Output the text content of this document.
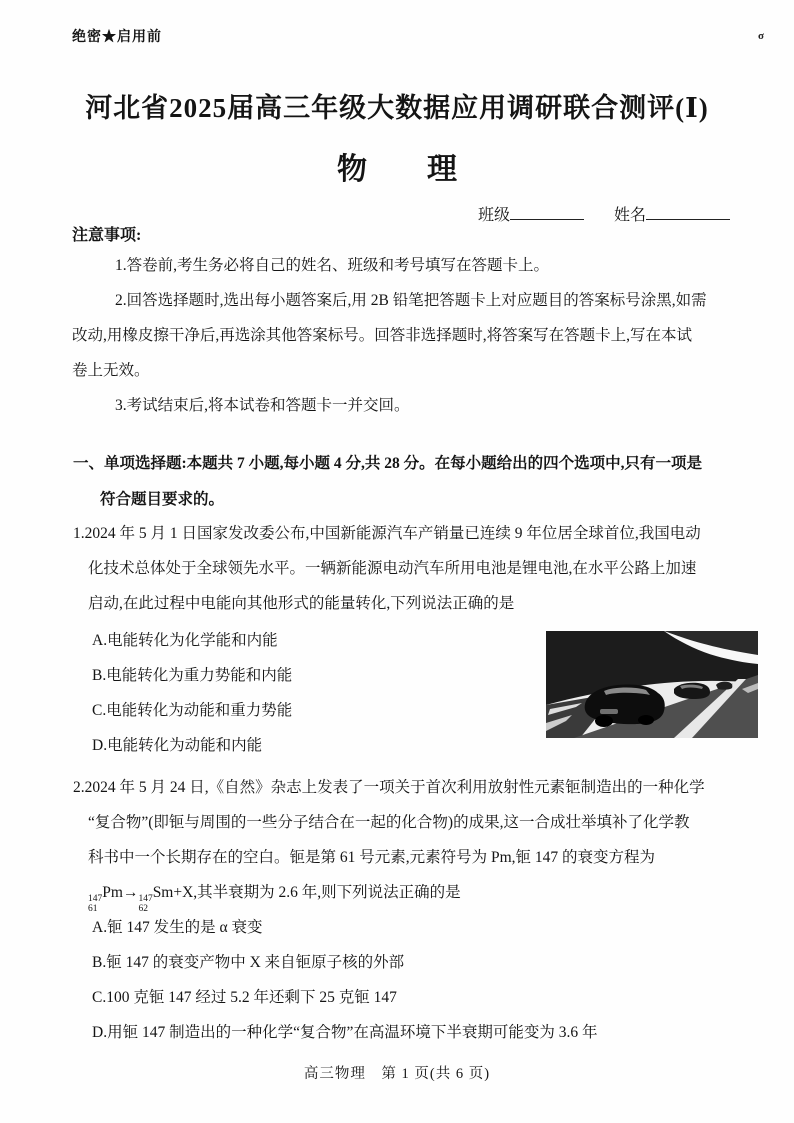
绝密★启用前	σ
河北省2025届高三年级大数据应用调研联合测评(Ⅰ)
物　　理
班级	姓名
注意事项:
1.答卷前,考生务必将自己的姓名、班级和考号填写在答题卡上。
2.回答选择题时,选出每小题答案后,用 2B 铅笔把答题卡上对应题目的答案标号涂黑,如需
改动,用橡皮擦干净后,再选涂其他答案标号。回答非选择题时,将答案写在答题卡上,写在本试
卷上无效。
3.考试结束后,将本试卷和答题卡一并交回。
一、单项选择题:本题共 7 小题,每小题 4 分,共 28 分。在每小题给出的四个选项中,只有一项是
符合题目要求的。
1.2024 年 5 月 1 日国家发改委公布,中国新能源汽车产销量已连续 9 年位居全球首位,我国电动
化技术总体处于全球领先水平。一辆新能源电动汽车所用电池是锂电池,在水平公路上加速
启动,在此过程中电能向其他形式的能量转化,下列说法正确的是
A.电能转化为化学能和内能
B.电能转化为重力势能和内能
C.电能转化为动能和重力势能
D.电能转化为动能和内能
2.2024 年 5 月 24 日,《自然》杂志上发表了一项关于首次利用放射性元素钷制造出的一种化学
“复合物”(即钷与周围的一些分子结合在一起的化合物)的成果,这一合成壮举填补了化学教
科书中一个长期存在的空白。钷是第 61 号元素,元素符号为 Pm,钷 147 的衰变方程为
147
61
Pm→ 147
62
Sm+X,其半衰期为 2.6 年,则下列说法正确的是
A.钷 147 发生的是 α 衰变
B.钷 147 的衰变产物中 X 来自钷原子核的外部
C.100 克钷 147 经过 5.2 年还剩下 25 克钷 147
D.用钷 147 制造出的一种化学“复合物”在高温环境下半衰期可能变为 3.6 年
高三物理　第 1 页(共 6 页)
